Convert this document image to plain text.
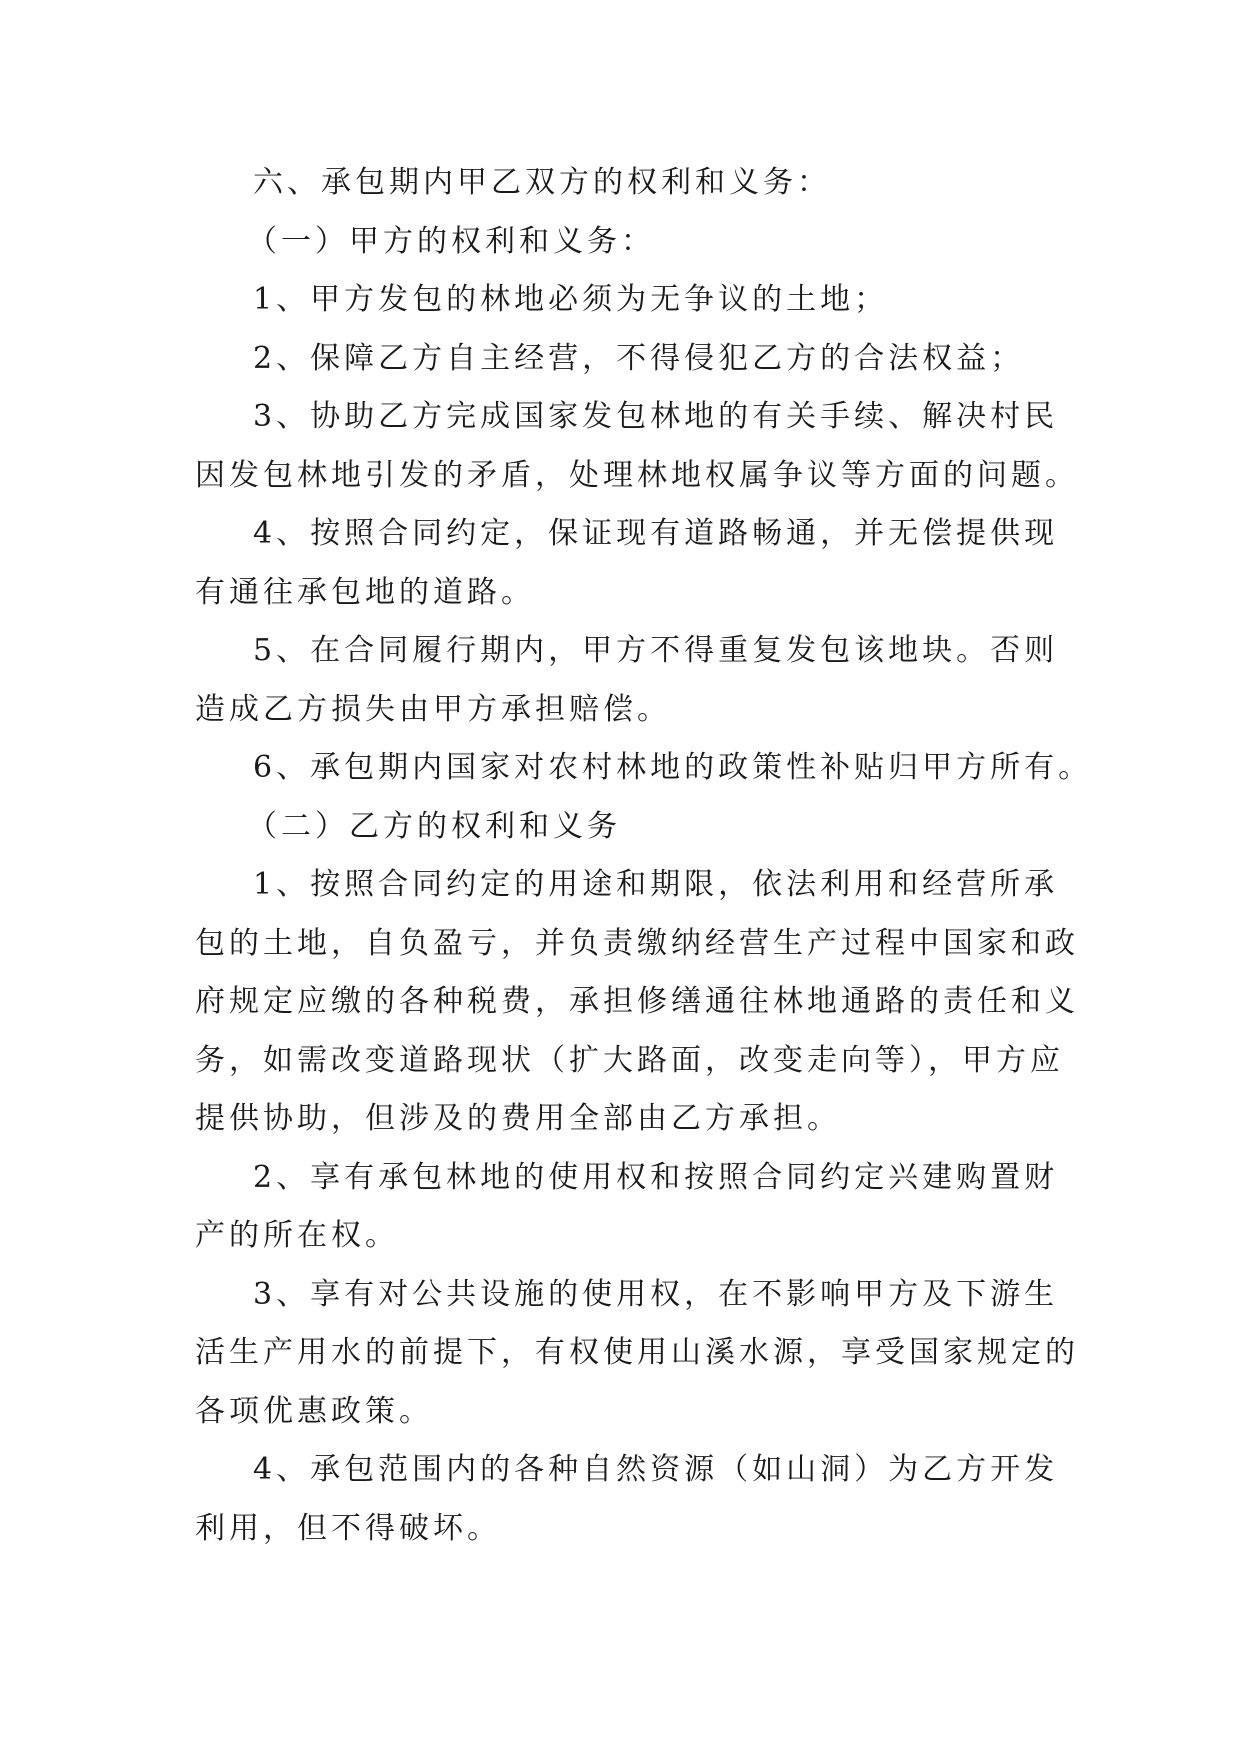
六、承包期内甲乙双方的权利和义务：

（一）甲方的权利和义务：

1、甲方发包的林地必须为无争议的土地；

2、保障乙方自主经营，不得侵犯乙方的合法权益；

3、协助乙方完成国家发包林地的有关手续、解决村民

因发包林地引发的矛盾，处理林地权属争议等方面的问题。

4、按照合同约定，保证现有道路畅通，并无偿提供现

有通往承包地的道路。

5、在合同履行期内，甲方不得重复发包该地块。否则

造成乙方损失由甲方承担赔偿。

6、承包期内国家对农村林地的政策性补贴归甲方所有。

（二）乙方的权利和义务

1、按照合同约定的用途和期限，依法利用和经营所承

包的土地，自负盈亏，并负责缴纳经营生产过程中国家和政

府规定应缴的各种税费，承担修缮通往林地通路的责任和义

务，如需改变道路现状（扩大路面，改变走向等），甲方应

提供协助，但涉及的费用全部由乙方承担。

2、享有承包林地的使用权和按照合同约定兴建购置财

产的所在权。

3、享有对公共设施的使用权，在不影响甲方及下游生

活生产用水的前提下，有权使用山溪水源，享受国家规定的

各项优惠政策。

4、承包范围内的各种自然资源（如山洞）为乙方开发

利用，但不得破坏。
